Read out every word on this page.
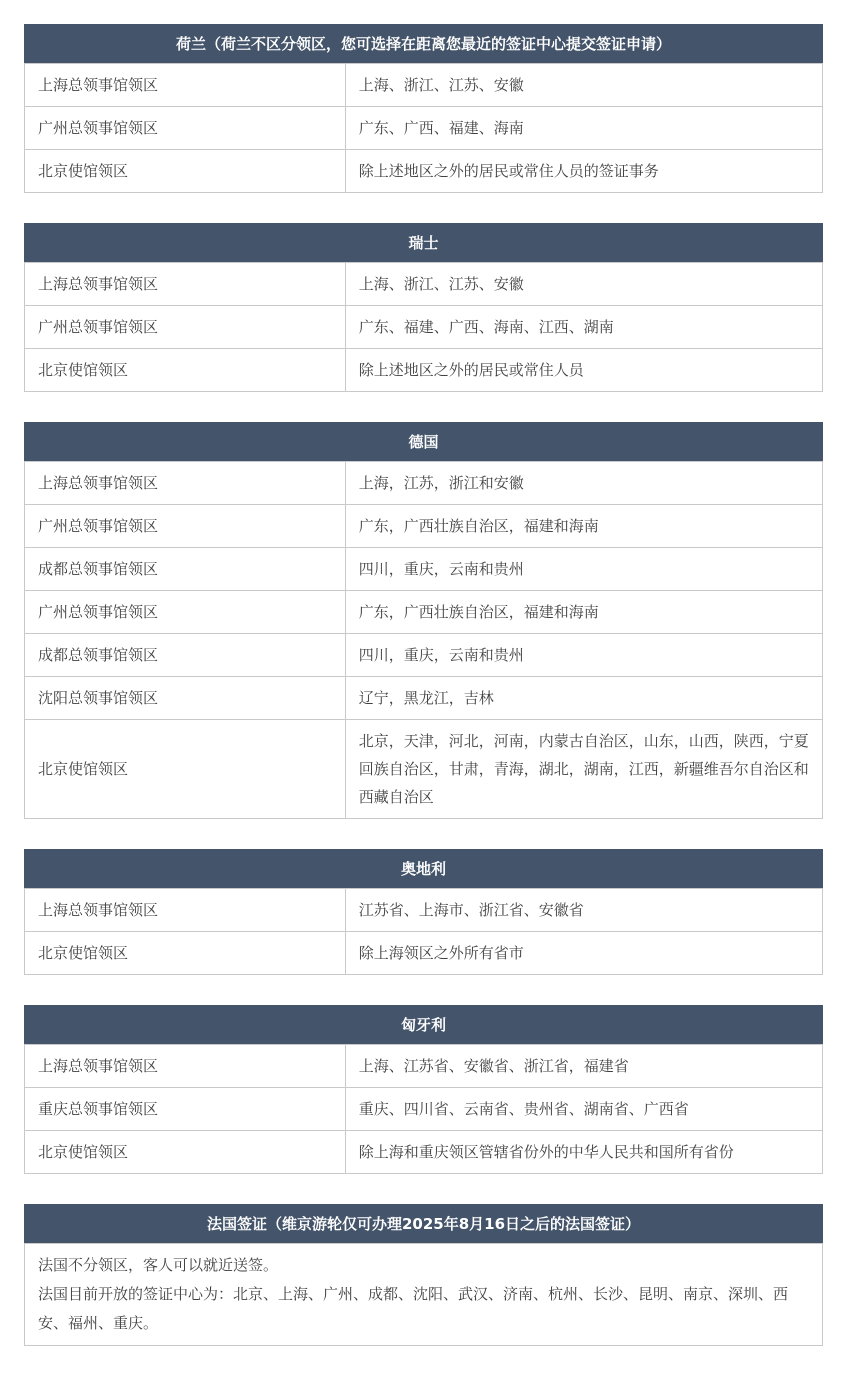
荷兰（荷兰不区分领区，您可选择在距离您最近的签证中心提交签证申请）	
上海总领事馆领区	上海、浙江、江苏、安徽
广州总领事馆领区	广东、广西、福建、海南
北京使馆领区	除上述地区之外的居民或常住人员的签证事务
瑞士	
上海总领事馆领区	上海、浙江、江苏、安徽
广州总领事馆领区	广东、福建、广西、海南、江西、湖南
北京使馆领区	除上述地区之外的居民或常住人员
德国	
上海总领事馆领区	上海，江苏，浙江和安徽
广州总领事馆领区	广东，广西壮族自治区，福建和海南
成都总领事馆领区	四川，重庆，云南和贵州
广州总领事馆领区	广东，广西壮族自治区，福建和海南
成都总领事馆领区	四川，重庆，云南和贵州
沈阳总领事馆领区	辽宁，黑龙江，吉林
北京使馆领区	北京，天津，河北，河南，内蒙古自治区，山东，山西，陕西，宁夏回族自治区，甘肃，青海，湖北，湖南，江西，新疆维吾尔自治区和西藏自治区
奥地利	
上海总领事馆领区	江苏省、上海市、浙江省、安徽省
北京使馆领区	除上海领区之外所有省市
匈牙利	
上海总领事馆领区	上海、江苏省、安徽省、浙江省，福建省
重庆总领事馆领区	重庆、四川省、云南省、贵州省、湖南省、广西省
北京使馆领区	除上海和重庆领区管辖省份外的中华人民共和国所有省份
法国签证（维京游轮仅可办理2025年8月16日之后的法国签证）

法国不分领区，客人可以就近送签。
法国目前开放的签证中心为：北京、上海、广州、成都、沈阳、武汉、济南、杭州、长沙、昆明、南京、深圳、西安、福州、重庆。
